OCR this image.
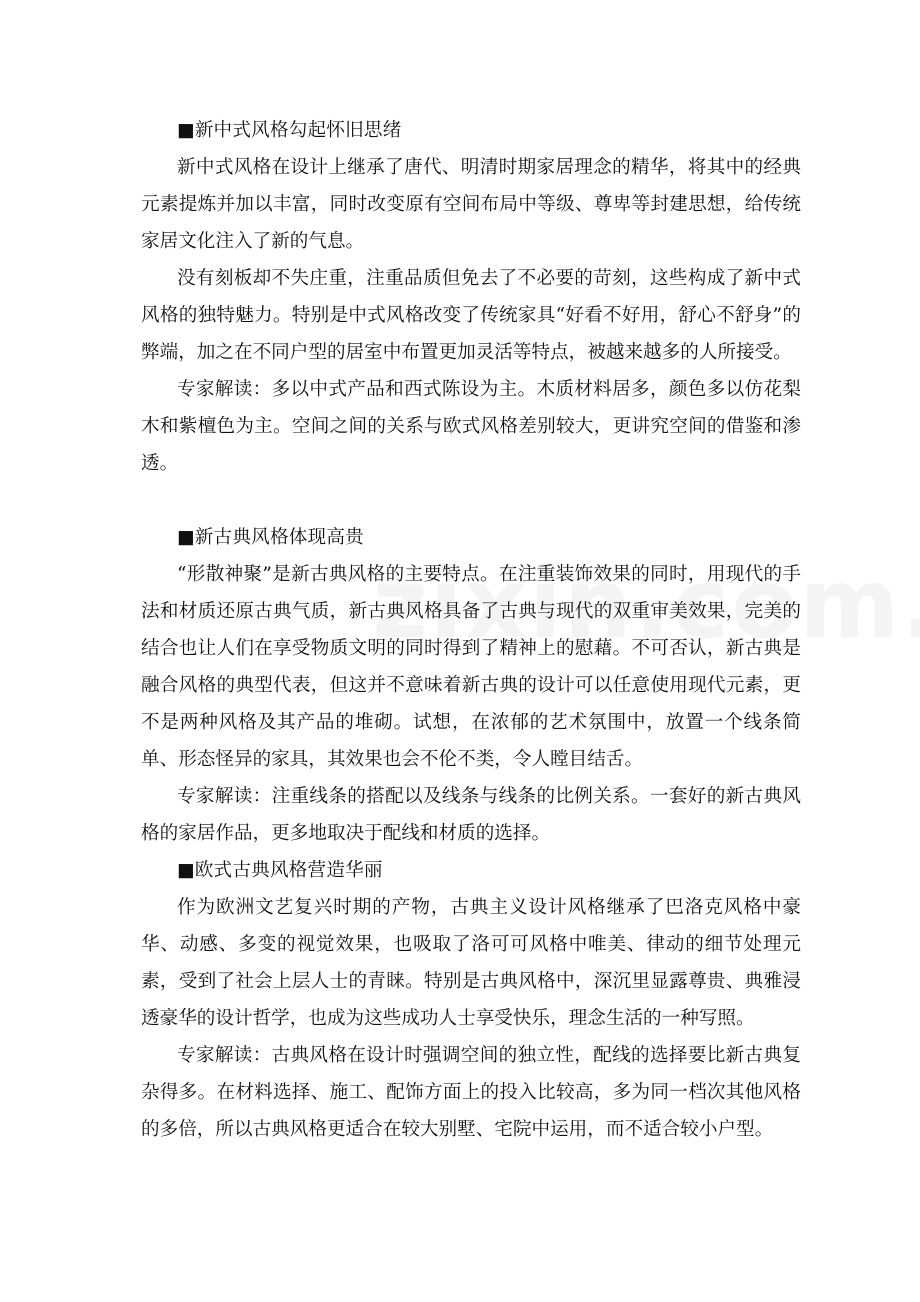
■新中式风格勾起怀旧思绪

新中式风格在设计上继承了唐代、明清时期家居理念的精华，将其中的经典元素提炼并加以丰富，同时改变原有空间布局中等级、尊卑等封建思想，给传统家居文化注入了新的气息。

没有刻板却不失庄重，注重品质但免去了不必要的苛刻，这些构成了新中式风格的独特魅力。特别是中式风格改变了传统家具“好看不好用，舒心不舒身”的弊端，加之在不同户型的居室中布置更加灵活等特点，被越来越多的人所接受。

专家解读：多以中式产品和西式陈设为主。木质材料居多，颜色多以仿花梨木和紫檀色为主。空间之间的关系与欧式风格差别较大，更讲究空间的借鉴和渗透。

■新古典风格体现高贵

“形散神聚”是新古典风格的主要特点。在注重装饰效果的同时，用现代的手法和材质还原古典气质，新古典风格具备了古典与现代的双重审美效果，完美的结合也让人们在享受物质文明的同时得到了精神上的慰藉。不可否认，新古典是融合风格的典型代表，但这并不意味着新古典的设计可以任意使用现代元素，更不是两种风格及其产品的堆砌。试想，在浓郁的艺术氛围中，放置一个线条简单、形态怪异的家具，其效果也会不伦不类，令人瞠目结舌。

专家解读：注重线条的搭配以及线条与线条的比例关系。一套好的新古典风格的家居作品，更多地取决于配线和材质的选择。

■欧式古典风格营造华丽

作为欧洲文艺复兴时期的产物，古典主义设计风格继承了巴洛克风格中豪华、动感、多变的视觉效果，也吸取了洛可可风格中唯美、律动的细节处理元素，受到了社会上层人士的青睐。特别是古典风格中，深沉里显露尊贵、典雅浸透豪华的设计哲学，也成为这些成功人士享受快乐，理念生活的一种写照。

专家解读：古典风格在设计时强调空间的独立性，配线的选择要比新古典复杂得多。在材料选择、施工、配饰方面上的投入比较高，多为同一档次其他风格的多倍，所以古典风格更适合在较大别墅、宅院中运用，而不适合较小户型。
